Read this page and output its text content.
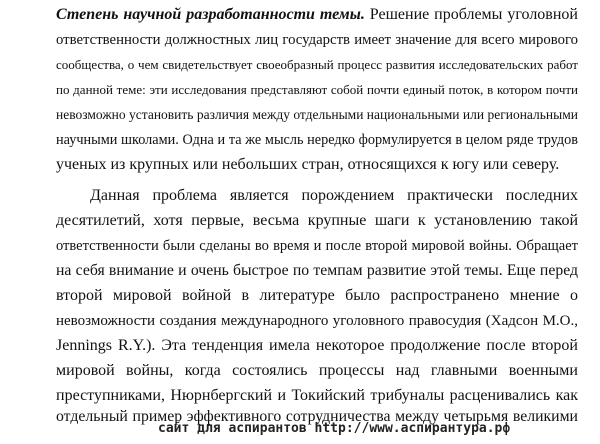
Степень научной разработанности темы. Решение проблемы уголовной
ответственности должностных лиц государств имеет значение для всего мирового
сообщества, о чем свидетельствует своеобразный процесс развития исследовательских работ
по данной теме: эти исследования представляют собой почти единый поток, в котором почти
невозможно установить различия между отдельными национальными или региональными
научными школами. Одна и та же мысль нередко формулируется в целом ряде трудов
ученых из крупных или небольших стран, относящихся к югу или северу.
Данная проблема является порождением практически последних
десятилетий, хотя первые, весьма крупные шаги к установлению такой
ответственности были сделаны во время и после второй мировой войны. Обращает
на себя внимание и очень быстрое по темпам развитие этой темы. Еще перед
второй мировой войной в литературе было распространено мнение о
невозможности создания международного уголовного правосудия (Хадсон М.О.,
Jennings R.Y.). Эта тенденция имела некоторое продолжение после второй
мировой войны, когда состоялись процессы над главными военными
преступниками, Нюрнбергский и Токийский трибуналы расценивались как
отдельный пример эффективного сотрудничества между четырьмя великими
сайт для аспирантов http://www.аспирантура.рф
